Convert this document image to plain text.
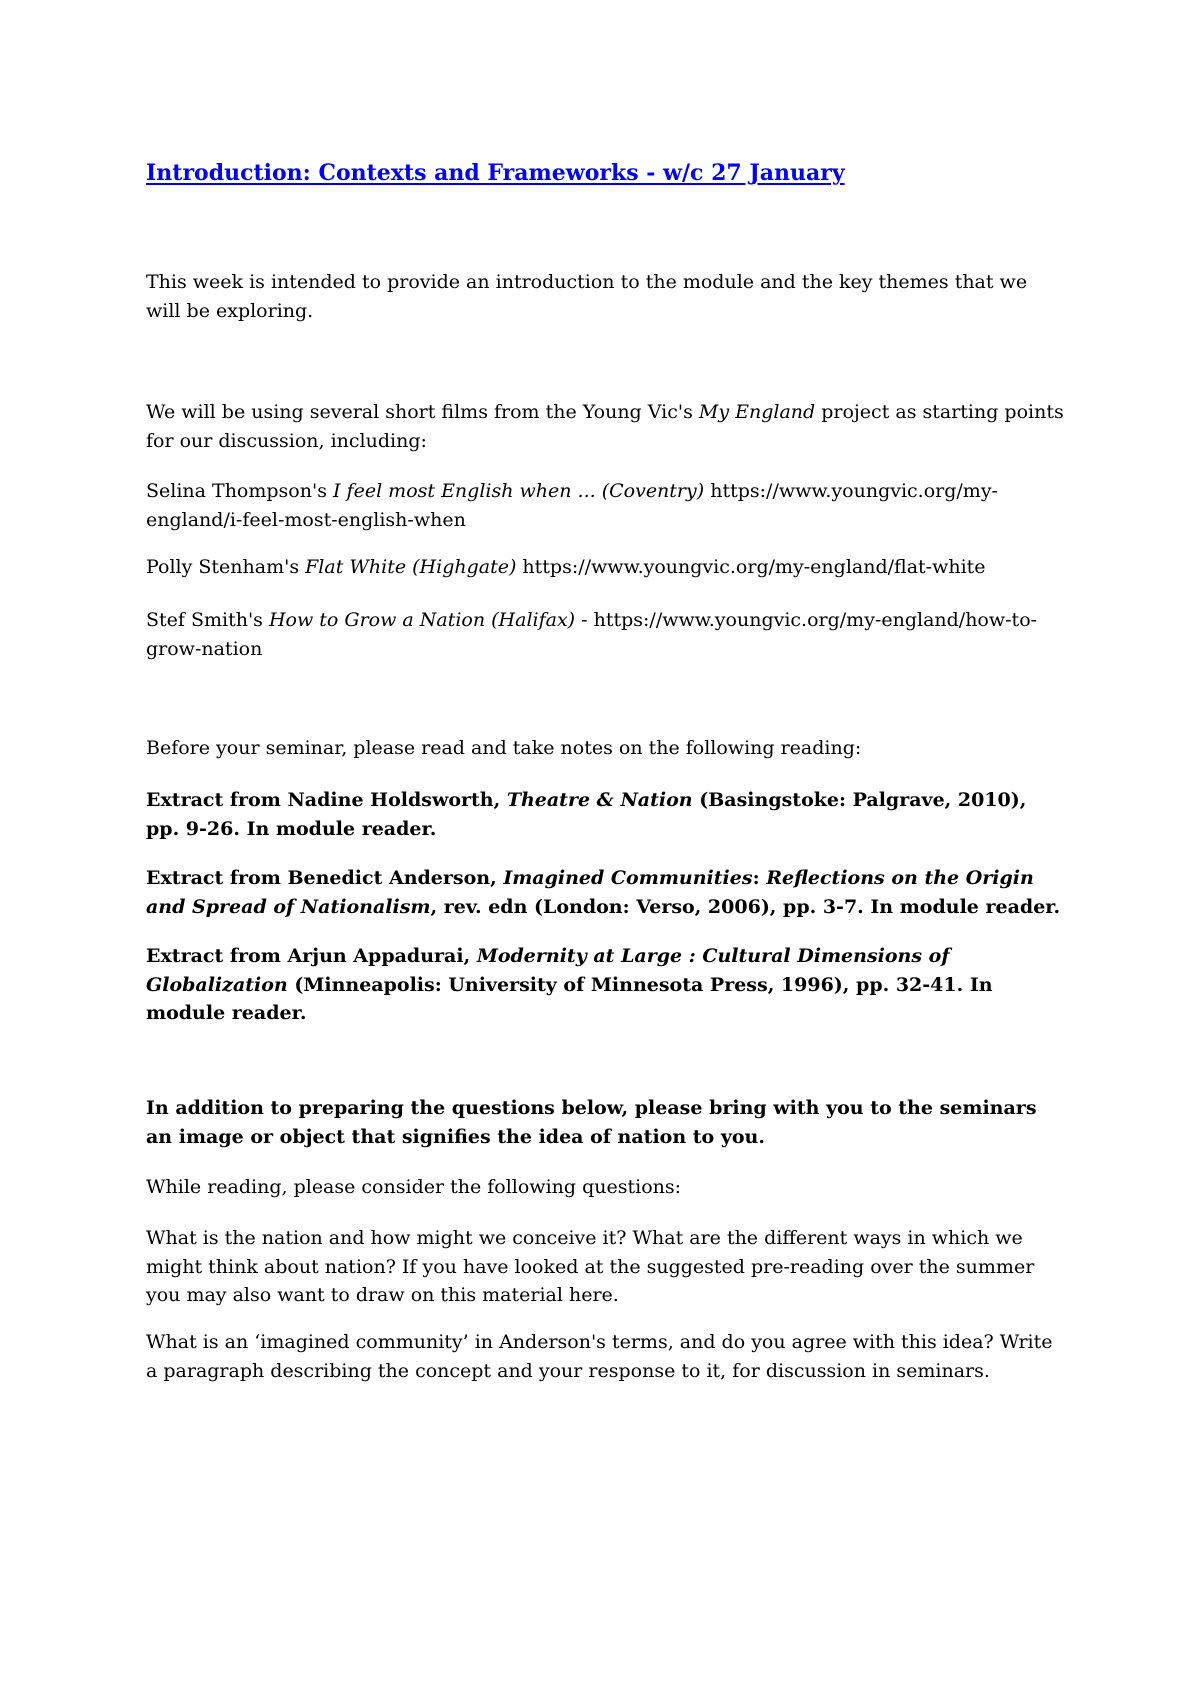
Introduction: Contexts and Frameworks - w/c 27 January

This week is intended to provide an introduction to the module and the key themes that we will be exploring.

We will be using several short films from the Young Vic's My England project as starting points for our discussion, including:

Selina Thompson's I feel most English when ... (Coventry) https://www.youngvic.org/my-england/i-feel-most-english-when

Polly Stenham's Flat White (Highgate) https://www.youngvic.org/my-england/flat-white

Stef Smith's How to Grow a Nation (Halifax) - https://www.youngvic.org/my-england/how-to-grow-nation

Before your seminar, please read and take notes on the following reading:

Extract from Nadine Holdsworth, Theatre & Nation (Basingstoke: Palgrave, 2010), pp. 9-26. In module reader.

Extract from Benedict Anderson, Imagined Communities: Reflections on the Origin and Spread of Nationalism, rev. edn (London: Verso, 2006), pp. 3-7. In module reader.

Extract from Arjun Appadurai, Modernity at Large : Cultural Dimensions of Globalization (Minneapolis: University of Minnesota Press, 1996), pp. 32-41. In module reader.

In addition to preparing the questions below, please bring with you to the seminars an image or object that signifies the idea of nation to you.

While reading, please consider the following questions:

What is the nation and how might we conceive it? What are the different ways in which we might think about nation? If you have looked at the suggested pre-reading over the summer you may also want to draw on this material here.

What is an ‘imagined community’ in Anderson's terms, and do you agree with this idea? Write a paragraph describing the concept and your response to it, for discussion in seminars.
